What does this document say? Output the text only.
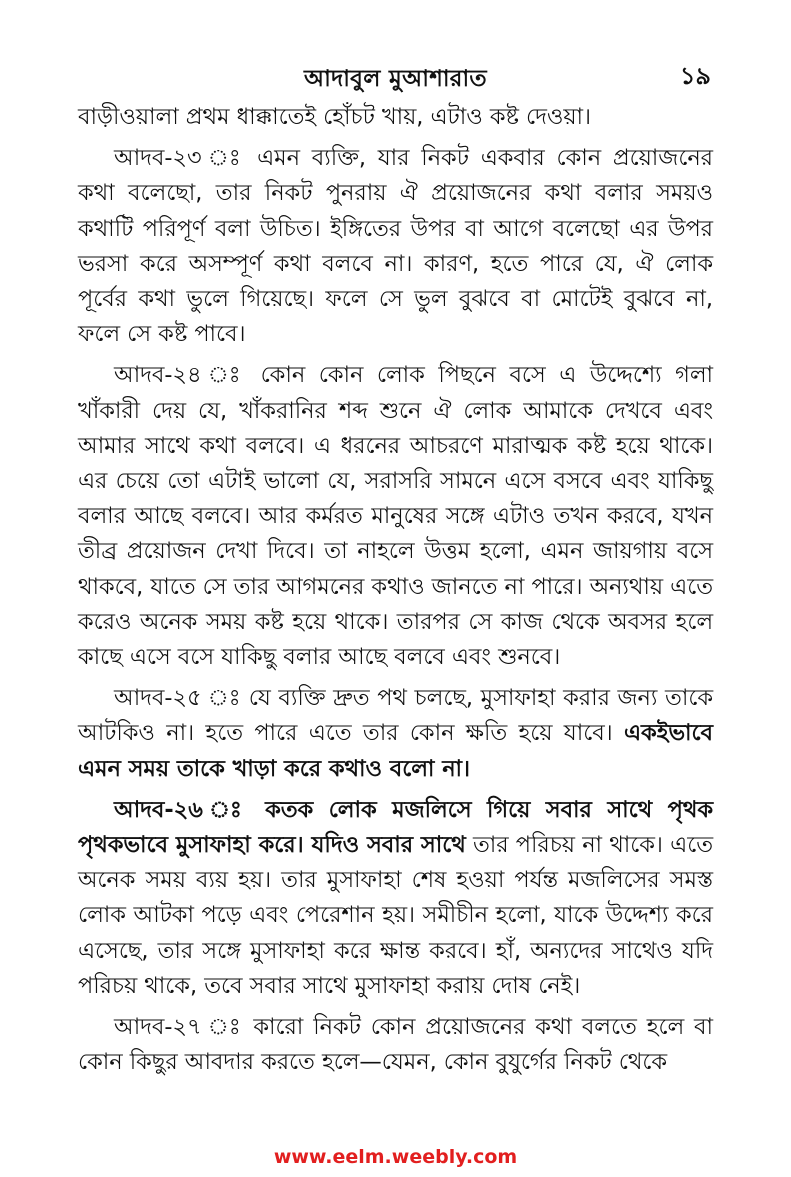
আদাবুল মুআশারাত	১৯

বাড়ীওয়ালা প্রথম ধাক্কাতেই হোঁচট খায়, এটাও কষ্ট দেওয়া।

আদব-২৩ ঃ এমন ব্যক্তি, যার নিকট একবার কোন প্রয়োজনের কথা বলেছো, তার নিকট পুনরায় ঐ প্রয়োজনের কথা বলার সময়ও কথাটি পরিপূর্ণ বলা উচিত। ইঙ্গিতের উপর বা আগে বলেছো এর উপর ভরসা করে অসম্পূর্ণ কথা বলবে না। কারণ, হতে পারে যে, ঐ লোক পূর্বের কথা ভুলে গিয়েছে। ফলে সে ভুল বুঝবে বা মোটেই বুঝবে না, ফলে সে কষ্ট পাবে।

আদব-২৪ ঃ কোন কোন লোক পিছনে বসে এ উদ্দেশ্যে গলা খাঁকারী দেয় যে, খাঁকরানির শব্দ শুনে ঐ লোক আমাকে দেখবে এবং আমার সাথে কথা বলবে। এ ধরনের আচরণে মারাত্মক কষ্ট হয়ে থাকে। এর চেয়ে তো এটাই ভালো যে, সরাসরি সামনে এসে বসবে এবং যাকিছু বলার আছে বলবে। আর কর্মরত মানুষের সঙ্গে এটাও তখন করবে, যখন তীব্র প্রয়োজন দেখা দিবে। তা নাহলে উত্তম হলো, এমন জায়গায় বসে থাকবে, যাতে সে তার আগমনের কথাও জানতে না পারে। অন্যথায় এতে করেও অনেক সময় কষ্ট হয়ে থাকে। তারপর সে কাজ থেকে অবসর হলে কাছে এসে বসে যাকিছু বলার আছে বলবে এবং শুনবে।

আদব-২৫ ঃ যে ব্যক্তি দ্রুত পথ চলছে, মুসাফাহা করার জন্য তাকে আটকিও না। হতে পারে এতে তার কোন ক্ষতি হয়ে যাবে। একইভাবে এমন সময় তাকে খাড়া করে কথাও বলো না।

আদব-২৬ ঃ কতক লোক মজলিসে গিয়ে সবার সাথে পৃথক পৃথকভাবে মুসাফাহা করে। যদিও সবার সাথে তার পরিচয় না থাকে। এতে অনেক সময় ব্যয় হয়। তার মুসাফাহা শেষ হওয়া পর্যন্ত মজলিসের সমস্ত লোক আটকা পড়ে এবং পেরেশান হয়। সমীচীন হলো, যাকে উদ্দেশ্য করে এসেছে, তার সঙ্গে মুসাফাহা করে ক্ষান্ত করবে। হাঁ, অন্যদের সাথেও যদি পরিচয় থাকে, তবে সবার সাথে মুসাফাহা করায় দোষ নেই।

আদব-২৭ ঃ কারো নিকট কোন প্রয়োজনের কথা বলতে হলে বা কোন কিছুর আবদার করতে হলে—যেমন, কোন বুযুর্গের নিকট থেকে

www.eelm.weebly.com
